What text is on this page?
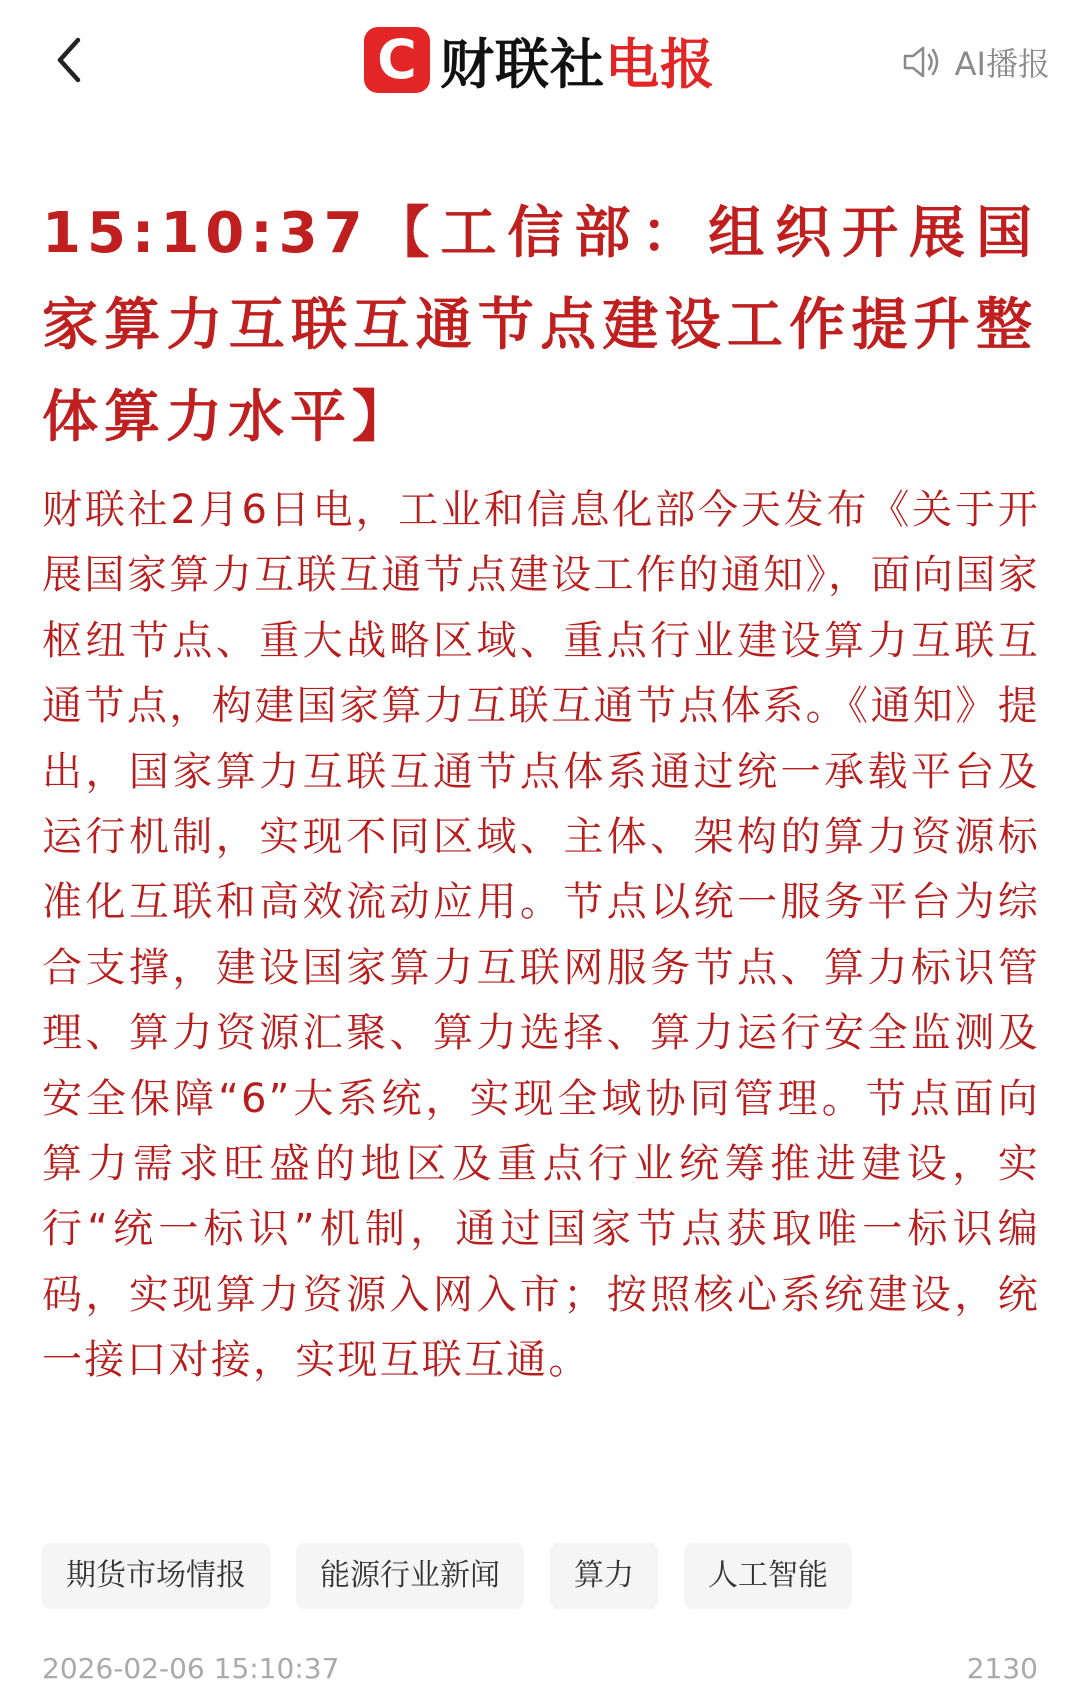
C 财联社 电报	AI播报
15:10:37【工信部：组织开展国家算力互联互通节点建设工作提升整体算力水平】

财联社2月6日电，工业和信息化部今天发布《关于开展国家算力互联互通节点建设工作的通知》，面向国家枢纽节点、重大战略区域、重点行业建设算力互联互通节点，构建国家算力互联互通节点体系。《通知》提出，国家算力互联互通节点体系通过统一承载平台及运行机制，实现不同区域、主体、架构的算力资源标准化互联和高效流动应用。节点以统一服务平台为综合支撑，建设国家算力互联网服务节点、算力标识管理、算力资源汇聚、算力选择、算力运行安全监测及安全保障“6”大系统，实现全域协同管理。节点面向算力需求旺盛的地区及重点行业统筹推进建设，实行“统一标识”机制，通过国家节点获取唯一标识编码，实现算力资源入网入市；按照核心系统建设，统一接口对接，实现互联互通。

期货市场情报	能源行业新闻	算力	人工智能
2026-02-06 15:10:37	2130
